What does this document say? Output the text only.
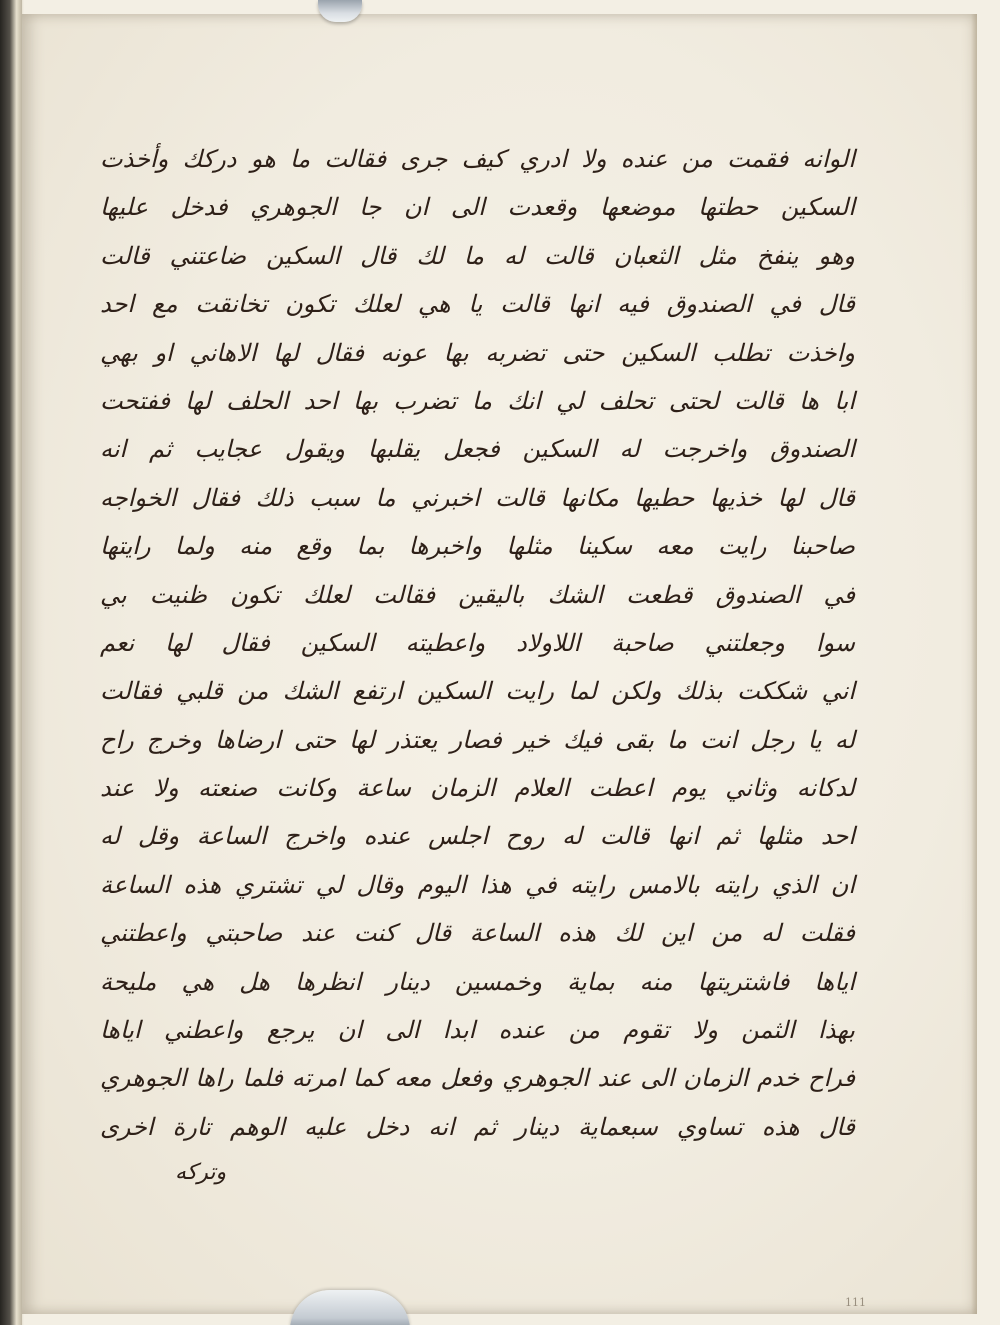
الوانه فقمت من عنده ولا ادري كيف جرى فقالت ما هو دركك وأخذت
السكين حطتها موضعها وقعدت الى ان جا الجوهري فدخل عليها
وهو ينفخ مثل الثعبان قالت له ما لك قال السكين ضاعتني قالت
قال في الصندوق فيه انها قالت يا هي لعلك تكون تخانقت مع احد
واخذت تطلب السكين حتى تضربه بها عونه فقال لها الاهاني او بهي
ابا ها قالت لحتى تحلف لي انك ما تضرب بها احد الحلف لها ففتحت
الصندوق واخرجت له السكين فجعل يقلبها ويقول عجايب ثم انه
قال لها خذيها حطيها مكانها قالت اخبرني ما سبب ذلك فقال الخواجه
صاحبنا رايت معه سكينا مثلها واخبرها بما وقع منه ولما رايتها
في الصندوق قطعت الشك باليقين فقالت لعلك تكون ظنيت بي
سوا وجعلتني صاحبة اللاولاد واعطيته السكين فقال لها نعم
اني شككت بذلك ولكن لما رايت السكين ارتفع الشك من قلبي فقالت
له يا رجل انت ما بقى فيك خير فصار يعتذر لها حتى ارضاها وخرج راح
لدكانه وثاني يوم اعطت العلام الزمان ساعة وكانت صنعته ولا عند
احد مثلها ثم انها قالت له روح اجلس عنده واخرج الساعة وقل له
ان الذي رايته بالامس رايته في هذا اليوم وقال لي تشتري هذه الساعة
فقلت له من اين لك هذه الساعة قال كنت عند صاحبتي واعطتني
اياها فاشتريتها منه بماية وخمسين دينار انظرها هل هي مليحة
بهذا الثمن ولا تقوم من عنده ابدا الى ان يرجع واعطني اياها
فراح خدم الزمان الى عند الجوهري وفعل معه كما امرته فلما راها الجوهري
قال هذه تساوي سبعماية دينار ثم انه دخل عليه الوهم تارة اخرى
وتركه
111
